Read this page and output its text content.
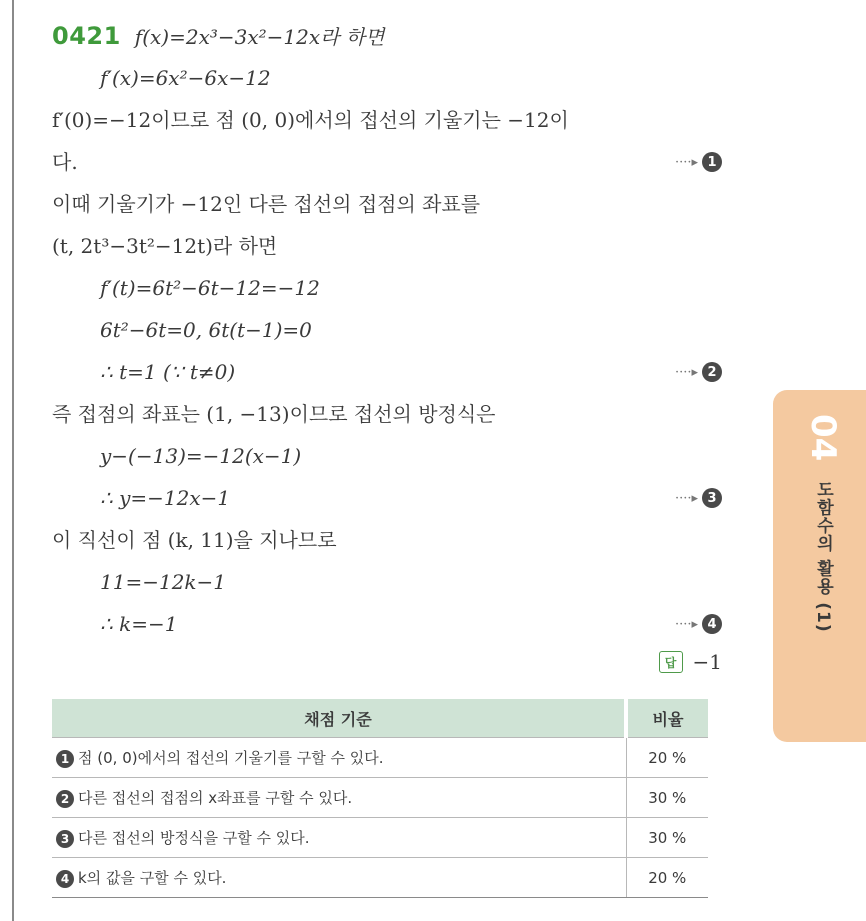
0421 f(x)=2x³−3x²−12x라 하면
f′(x)=6x²−6x−12
f′(0)=−12이므로 점 (0, 0)에서의 접선의 기울기는 −12이
다.	····▸ 1
이때 기울기가 −12인 다른 접선의 접점의 좌표를
(t, 2t³−3t²−12t)라 하면
f′(t)=6t²−6t−12=−12
6t²−6t=0, 6t(t−1)=0
∴ t=1 (∵ t≠0)	····▸ 2
즉 접점의 좌표는 (1, −13)이므로 접선의 방정식은
y−(−13)=−12(x−1)
∴ y=−12x−1	····▸ 3
이 직선이 점 (k, 11)을 지나므로
11=−12k−1
∴ k=−1	····▸ 4
답 −1
채점 기준	비율
1 점 (0, 0)에서의 접선의 기울기를 구할 수 있다.	20 %
2 다른 접선의 접점의 x좌표를 구할 수 있다.	30 %
3 다른 접선의 방정식을 구할 수 있다.	30 %
4 k의 값을 구할 수 있다.	20 %
04 도함수의 활용 (1)
